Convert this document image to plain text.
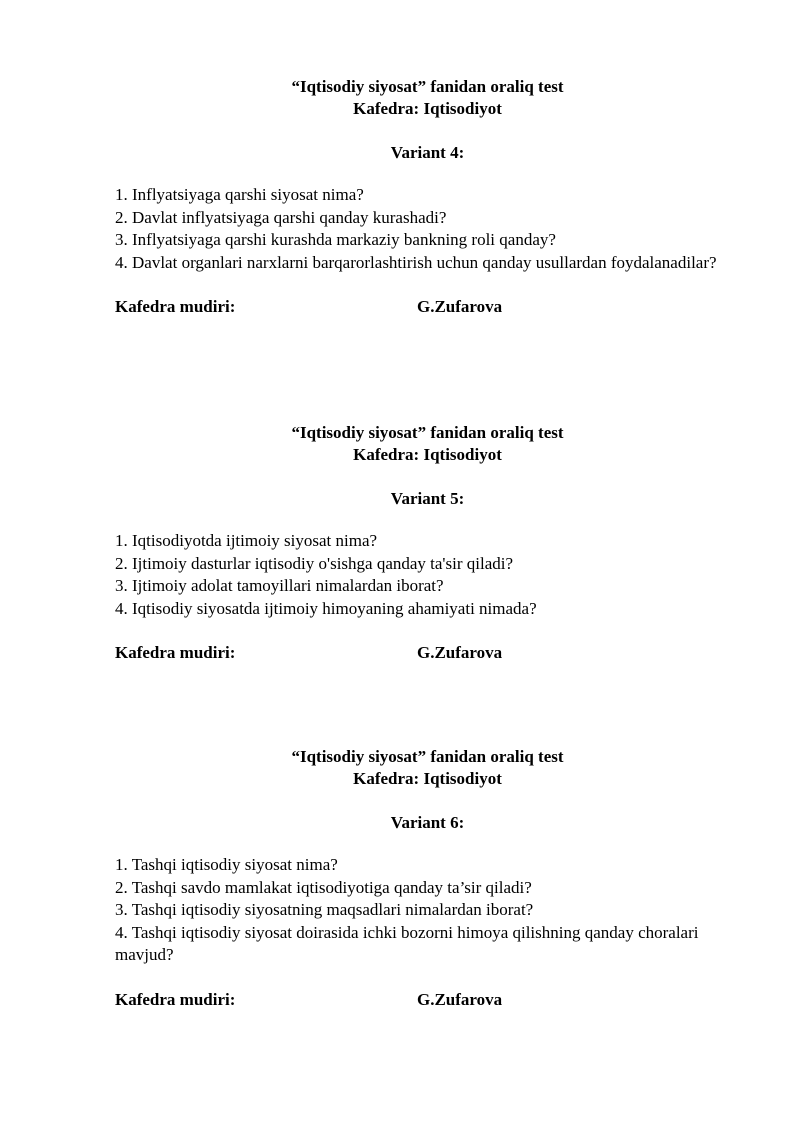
“Iqtisodiy siyosat” fanidan oraliq test
Kafedra: Iqtisodiyot
Variant 4:

1. Inflyatsiyaga qarshi siyosat nima?

2. Davlat inflyatsiyaga qarshi qanday kurashadi?

3. Inflyatsiyaga qarshi kurashda markaziy bankning roli qanday?

4. Davlat organlari narxlarni barqarorlashtirish uchun qanday usullardan foydalanadilar?

Kafedra mudiri:	G.Zufarova
“Iqtisodiy siyosat” fanidan oraliq test
Kafedra: Iqtisodiyot
Variant 5:

1. Iqtisodiyotda ijtimoiy siyosat nima?

2. Ijtimoiy dasturlar iqtisodiy o'sishga qanday ta'sir qiladi?

3. Ijtimoiy adolat tamoyillari nimalardan iborat?

4. Iqtisodiy siyosatda ijtimoiy himoyaning ahamiyati nimada?

Kafedra mudiri:	G.Zufarova
“Iqtisodiy siyosat” fanidan oraliq test
Kafedra: Iqtisodiyot
Variant 6:

1. Tashqi iqtisodiy siyosat nima?

2. Tashqi savdo mamlakat iqtisodiyotiga qanday ta’sir qiladi?

3. Tashqi iqtisodiy siyosatning maqsadlari nimalardan iborat?

4. Tashqi iqtisodiy siyosat doirasida ichki bozorni himoya qilishning qanday choralari mavjud?

Kafedra mudiri:	G.Zufarova
